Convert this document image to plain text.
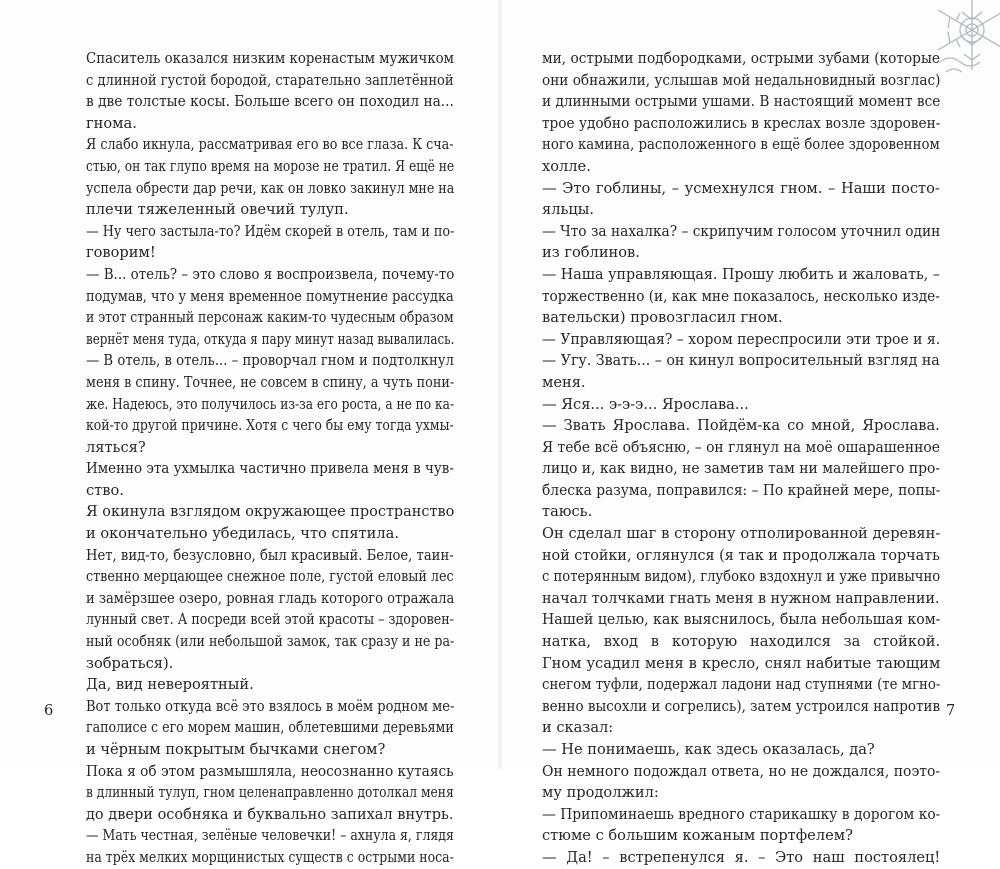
Спаситель оказался низким коренастым мужичком
с длинной густой бородой, старательно заплетённой
в две толстые косы. Больше всего он походил на...
гнома.
Я слабо икнула, рассматривая его во все глаза. К сча-
стью, он так глупо время на морозе не тратил. Я ещё не
успела обрести дар речи, как он ловко закинул мне на
плечи тяжеленный овечий тулуп.
— Ну чего застыла-то? Идём скорей в отель, там и по-
говорим!
— В... отель? – это слово я воспроизвела, почему-то
подумав, что у меня временное помутнение рассудка
и этот странный персонаж каким-то чудесным образом
вернёт меня туда, откуда я пару минут назад вывалилась.
— В отель, в отель... – проворчал гном и подтолкнул
меня в спину. Точнее, не совсем в спину, а чуть пони-
же. Надеюсь, это получилось из-за его роста, а не по ка-
кой-то другой причине. Хотя с чего бы ему тогда ухмы-
ляться?
Именно эта ухмылка частично привела меня в чув-
ство.
Я окинула взглядом окружающее пространство
и окончательно убедилась, что спятила.
Нет, вид-то, безусловно, был красивый. Белое, таин-
ственно мерцающее снежное поле, густой еловый лес
и замёрзшее озеро, ровная гладь которого отражала
лунный свет. А посреди всей этой красоты – здоровен-
ный особняк (или небольшой замок, так сразу и не ра-
зобраться).
Да, вид невероятный.
Вот только откуда всё это взялось в моём родном ме-
гаполисе с его морем машин, облетевшими деревьями
и чёрным покрытым бычками снегом?
Пока я об этом размышляла, неосознанно кутаясь
в длинный тулуп, гном целенаправленно дотолкал меня
до двери особняка и буквально запихал внутрь.
— Мать честная, зелёные человечки! – ахнула я, глядя
на трёх мелких морщинистых существ с острыми носа-
6
ми, острыми подбородками, острыми зубами (которые
они обнажили, услышав мой недальновидный возглас)
и длинными острыми ушами. В настоящий момент все
трое удобно расположились в креслах возле здоровен-
ного камина, расположенного в ещё более здоровенном
холле.
— Это гоблины, – усмехнулся гном. – Наши посто-
яльцы.
— Что за нахалка? – скрипучим голосом уточнил один
из гоблинов.
— Наша управляющая. Прошу любить и жаловать, –
торжественно (и, как мне показалось, несколько изде-
вательски) провозгласил гном.
— Управляющая? – хором переспросили эти трое и я.
— Угу. Звать... – он кинул вопросительный взгляд на
меня.
— Яся... э-э-э... Ярослава...
— Звать Ярослава. Пойдём-ка со мной, Ярослава.
Я тебе всё объясню, – он глянул на моё ошарашенное
лицо и, как видно, не заметив там ни малейшего про-
блеска разума, поправился: – По крайней мере, попы-
таюсь.
Он сделал шаг в сторону отполированной деревян-
ной стойки, оглянулся (я так и продолжала торчать
с потерянным видом), глубоко вздохнул и уже привычно
начал толчками гнать меня в нужном направлении.
Нашей целью, как выяснилось, была небольшая ком-
натка, вход в которую находился за стойкой.
Гном усадил меня в кресло, снял набитые тающим
снегом туфли, подержал ладони над ступнями (те мгно-
венно высохли и согрелись), затем устроился напротив
и сказал:
— Не понимаешь, как здесь оказалась, да?
Он немного подождал ответа, но не дождался, поэто-
му продолжил:
— Припоминаешь вредного старикашку в дорогом ко-
стюме с большим кожаным портфелем?
— Да! – встрепенулся я. – Это наш постоялец!
7
